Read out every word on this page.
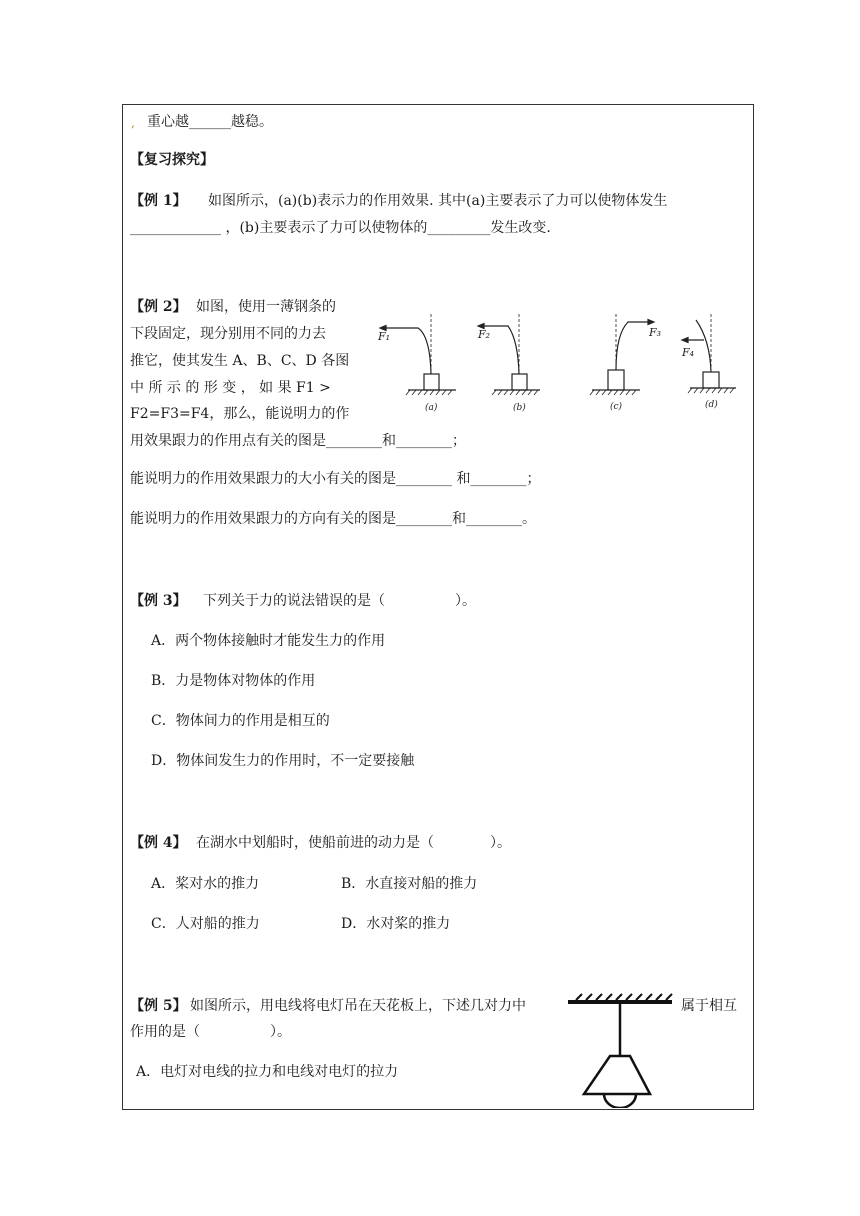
, 重心越______越稳。
【复习探究】
【例 1】 如图所示，(a)(b)表示力的作用效果. 其中(a)主要表示了力可以使物体发生
_____________ ，(b)主要表示了力可以使物体的_________发生改变.
【例 2】 如图，使用一薄钢条的
下段固定，现分别用不同的力去
推它，使其发生 A、B、C、D 各图
中 所 示 的 形 变 ， 如 果 F1 >
F2=F3=F4，那么，能说明力的作
用效果跟力的作用点有关的图是________和________；
能说明力的作用效果跟力的大小有关的图是________ 和________；
能说明力的作用效果跟力的方向有关的图是________和________。
F₁	F₂	F₃
F₄
(a)	(b)	(c)	(d)
【例 3】 下列关于力的说法错误的是（　　　　　）。
A．两个物体接触时才能发生力的作用
B．力是物体对物体的作用
C．物体间力的作用是相互的
D．物体间发生力的作用时，不一定要接触
【例 4】 在湖水中划船时，使船前进的动力是（　　　　）。
A．桨对水的推力	B．水直接对船的推力
C．人对船的推力	D．水对桨的推力
【例 5】 如图所示，用电线将电灯吊在天花板上，下述几对力中	属于相互
作用的是（　　　　　）。
A．电灯对电线的拉力和电线对电灯的拉力
